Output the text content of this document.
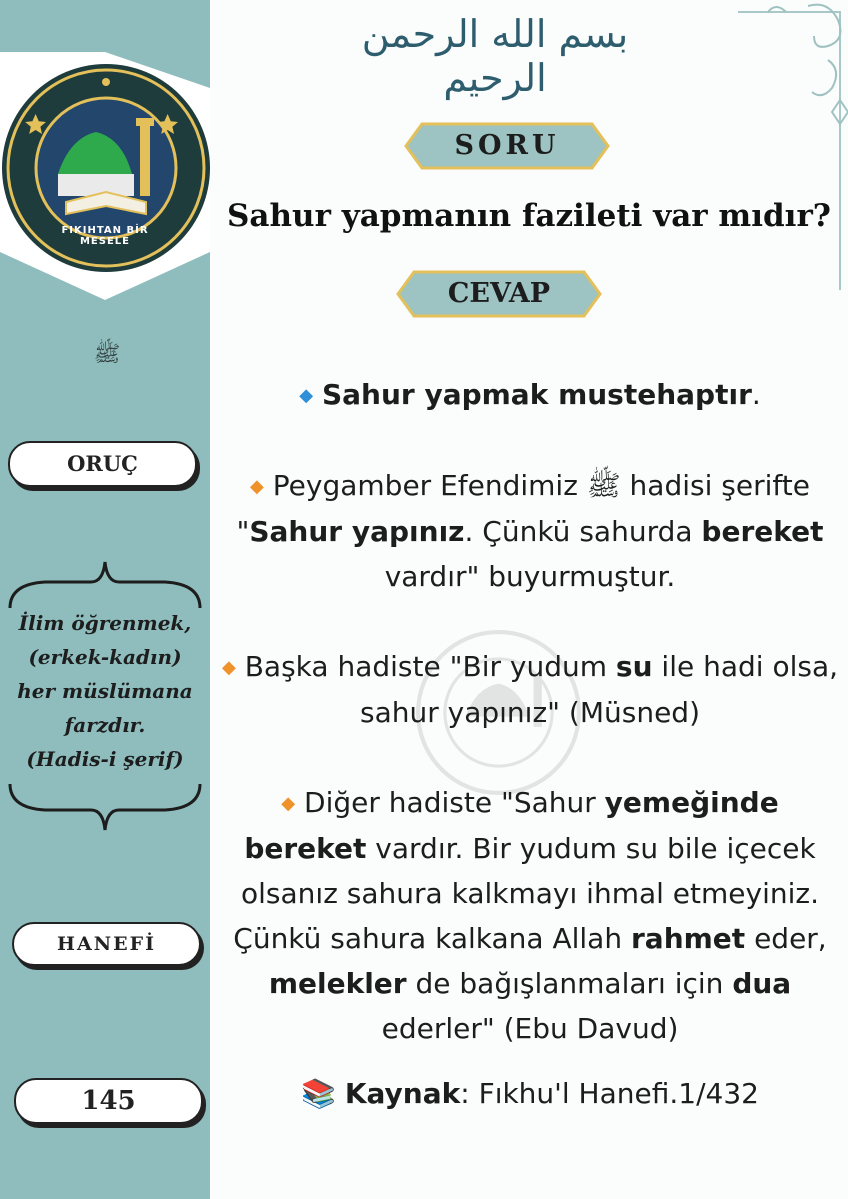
FIKIHTAN BİR MESELE
ﷺ
ORUÇ
İlim öğrenmek,
(erkek-kadın)
her müslümana
farzdır.
(Hadis-i şerif)
HANEFİ
145
بسم الله الرحمن الرحيم
SORU
Sahur yapmanın fazileti var mıdır?
CEVAP

◆ Sahur yapmak mustehaptır.

◆ Peygamber Efendimiz ﷺ hadisi şerifte "Sahur yapınız. Çünkü sahurda bereket vardır" buyurmuştur.

◆ Başka hadiste "Bir yudum su ile hadi olsa, sahur yapınız" (Müsned)

◆ Diğer hadiste "Sahur yemeğinde bereket vardır. Bir yudum su bile içecek olsanız sahura kalkmayı ihmal etmeyiniz. Çünkü sahura kalkana Allah rahmet eder, melekler de bağışlanmaları için dua ederler" (Ebu Davud)

📚 Kaynak: Fıkhu'l Hanefi.1/432
